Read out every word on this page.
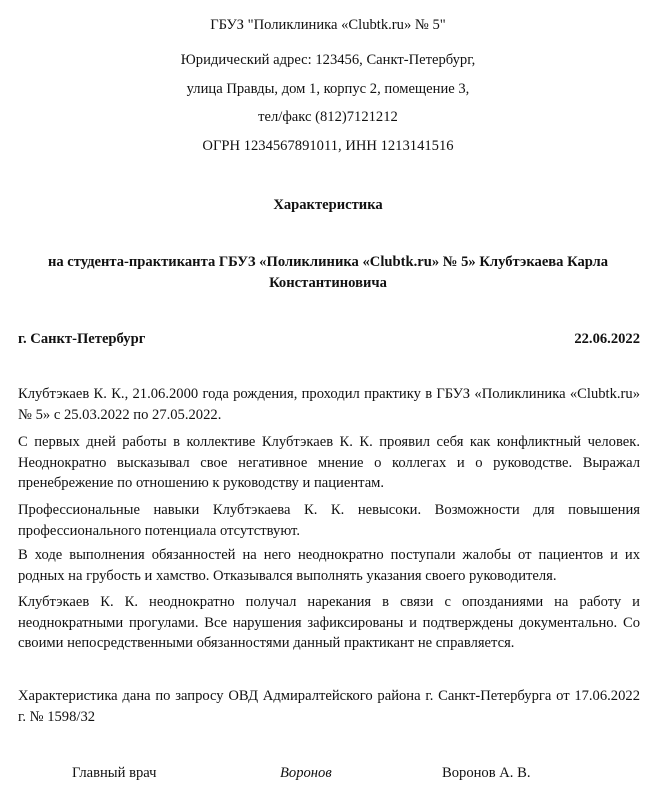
ГБУЗ "Поликлиника «Clubtk.ru» № 5"
Юридический адрес: 123456, Санкт-Петербург,
улица Правды, дом 1, корпус 2, помещение 3,
тел/факс (812)7121212
ОГРН 1234567891011, ИНН 1213141516
Характеристика
на студента-практиканта ГБУЗ «Поликлиника «Clubtk.ru» № 5» Клубтэкаева Карла Константиновича
г. Санкт-Петербург	22.06.2022

Клубтэкаев К. К., 21.06.2000 года рождения, проходил практику в ГБУЗ «Поликлиника «Clubtk.ru» № 5» с 25.03.2022 по 27.05.2022.

С первых дней работы в коллективе Клубтэкаев К. К. проявил себя как конфликтный человек. Неоднократно высказывал свое негативное мнение о коллегах и о руководстве. Выражал пренебрежение по отношению к руководству и пациентам.

Профессиональные навыки Клубтэкаева К. К. невысоки. Возможности для повышения профессионального потенциала отсутствуют.

В ходе выполнения обязанностей на него неоднократно поступали жалобы от пациентов и их родных на грубость и хамство. Отказывался выполнять указания своего руководителя.

Клубтэкаев К. К. неоднократно получал нарекания в связи с опозданиями на работу и неоднократными прогулами. Все нарушения зафиксированы и подтверждены документально. Со своими непосредственными обязанностями данный практикант не справляется.

Характеристика дана по запросу ОВД Адмиралтейского района г. Санкт-Петербурга от 17.06.2022 г. № 1598/32

Главный врач	Воронов	Воронов А. В.
